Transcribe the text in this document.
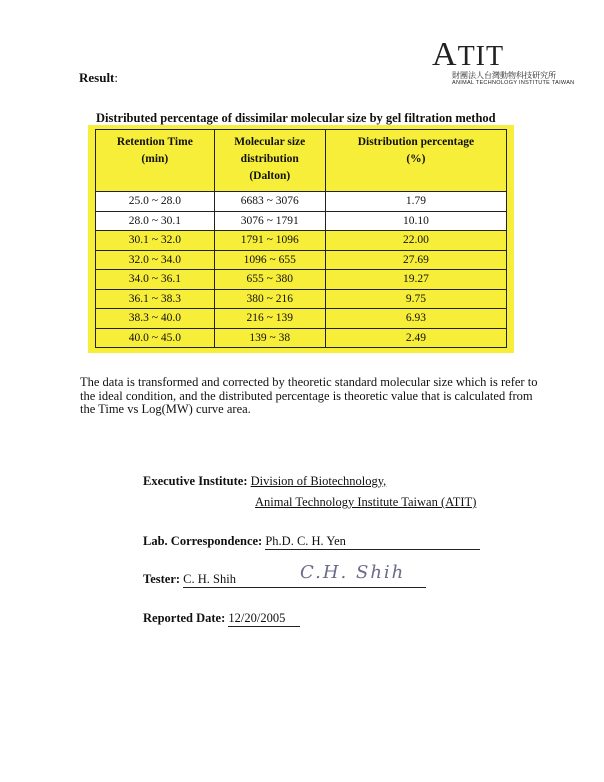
Result:
ATIT
財團法人台灣動物科技研究所
ANIMAL TECHNOLOGY INSTITUTE TAIWAN
Distributed percentage of dissimilar molecular size by gel filtration method
Retention Time
(min)	Molecular size
distribution
(Dalton)	Distribution percentage
(%)
25.0 ~ 28.0	6683 ~ 3076	1.79
28.0 ~ 30.1	3076 ~ 1791	10.10
30.1 ~ 32.0	1791 ~ 1096	22.00
32.0 ~ 34.0	1096 ~ 655	27.69
34.0 ~ 36.1	655 ~ 380	19.27
36.1 ~ 38.3	380 ~ 216	9.75
38.3 ~ 40.0	216 ~ 139	6.93
40.0 ~ 45.0	139 ~ 38	2.49
The data is transformed and corrected by theoretic standard molecular size which is refer to the ideal condition, and the distributed percentage is theoretic value that is calculated from the Time vs Log(MW) curve area.
Executive Institute: Division of Biotechnology,
Animal Technology Institute Taiwan (ATIT)
Lab. Correspondence: Ph.D. C. H. Yen
Tester: C. H. Shih	C.H. Shih
Reported Date: 12/20/2005
